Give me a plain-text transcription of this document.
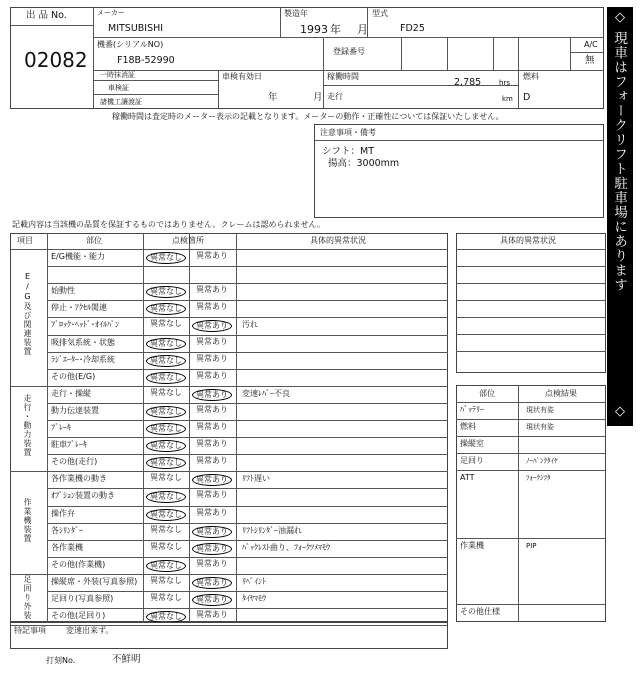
出 品 No.
02082
メーカー
MITSUBISHI
製造年
1993 年 月
型式
FD25
機番(シリアルNO)
F18B-52990
登録番号
A/C
無
一時抹消証
車検証
諸機工讓渡証
車検有効日
年	月
稼働時間
2,785	hrs
走行	km
燃料
D
稼働時間は査定時のメーター表示の記載となります。メーターの動作・正確性については保証いたしません。
注意事項・備考
シフト：MT
揚高：3000mm
記載内容は当該機の品質を保証するものではありません。クレームは認められません。
◇
現車はフォークリフト駐車場にあります
◇
項目	部位	点検箇所	具体的異常状況
E/G機能・能力	異常なし	異常あり
始動性	異常なし	異常あり
停止・ｱｸｾﾙ関連	異常なし	異常あり
ﾌﾞﾛｯｸ･ﾍｯﾄﾞ･ｵｲﾙﾊﾟﾝ	異常なし	異常あり	汚れ
吸排気系統・状態	異常なし	異常あり
ﾗｼﾞｴｰﾀｰ･冷却系統	異常なし	異常あり
その他(E/G)	異常なし	異常あり
E/G及び関連装置
走行・操縦	異常なし	異常あり	変速ﾚﾊﾞｰ不良
動力伝達装置	異常なし	異常あり
ﾌﾞﾚｰｷ	異常なし	異常あり
駐車ﾌﾞﾚｰｷ	異常なし	異常あり
その他(走行)	異常なし	異常あり
走行・動力装置
各作業機の動き	異常なし	異常あり	ﾘﾌﾄ遅い
ｵﾌﾟｼｮﾝ装置の動き	異常なし	異常あり
操作弁	異常なし	異常あり
各ｼﾘﾝﾀﾞｰ	異常なし	異常あり	ﾘﾌﾄｼﾘﾝﾀﾞｰ油漏れ
各作業機	異常なし	異常あり	ﾊﾞｯｸﾚｽﾄ曲り、ﾌｫｰｸﾂﾒﾏﾓｳ
その他(作業機)	異常なし	異常あり
作業機装置
操縦席・外装(写真参照) 異常なし	異常あり	ﾘﾍﾟｲﾝﾄ
足回り(写真参照)	異常なし	異常あり	ﾀｲﾔﾏﾓｳ
その他(足回り)	異常なし	異常あり
足回り外装
特記事項	変速出来ず。
打刻No.	不鮮明
具体的異常状況
部位	点検結果
ﾊﾞｯﾃﾘｰ	現状有姿
燃料	現状有姿
操縦室
足回り	ﾉｰﾊﾟﾝｸﾀｲﾔ
ATT	ﾌｫｰｸｼﾌﾀ
作業機	PIP
その他仕様
